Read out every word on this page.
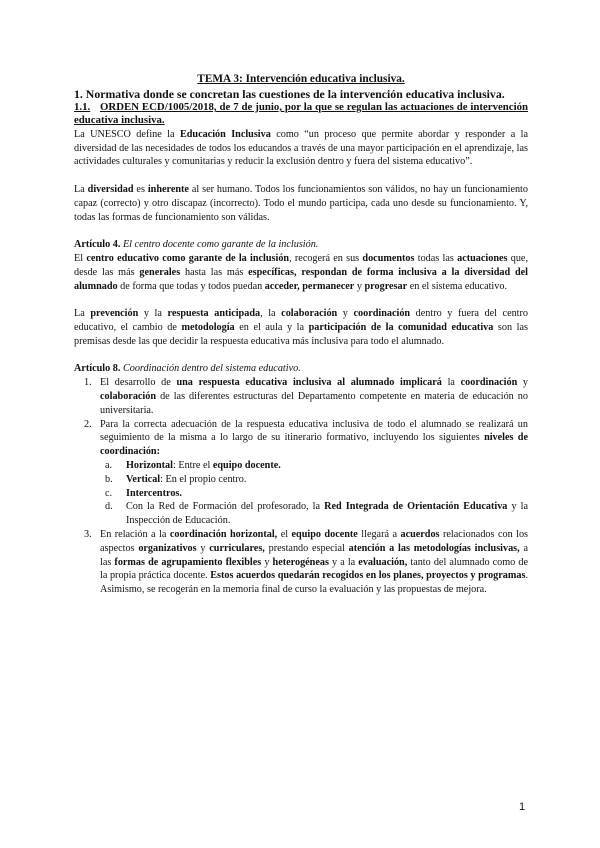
TEMA 3: Intervención educativa inclusiva.

1. Normativa donde se concretan las cuestiones de la intervención educativa inclusiva.

1.1. ORDEN ECD/1005/2018, de 7 de junio, por la que se regulan las actuaciones de intervención educativa inclusiva.

La UNESCO define la Educación Inclusiva como “un proceso que permite abordar y responder a la diversidad de las necesidades de todos los educandos a través de una mayor participación en el aprendizaje, las actividades culturales y comunitarias y reducir la exclusión dentro y fuera del sistema educativo”.

La diversidad es inherente al ser humano. Todos los funcionamientos son válidos, no hay un funcionamiento capaz (correcto) y otro discapaz (incorrecto). Todo el mundo participa, cada uno desde su funcionamiento. Y, todas las formas de funcionamiento son válidas.

Artículo 4. El centro docente como garante de la inclusión.

El centro educativo como garante de la inclusión, recogerá en sus documentos todas las actuaciones que, desde las más generales hasta las más específicas, respondan de forma inclusiva a la diversidad del alumnado de forma que todas y todos puedan acceder, permanecer y progresar en el sistema educativo.

La prevención y la respuesta anticipada, la colaboración y coordinación dentro y fuera del centro educativo, el cambio de metodología en el aula y la participación de la comunidad educativa son las premisas desde las que decidir la respuesta educativa más inclusiva para todo el alumnado.

Artículo 8. Coordinación dentro del sistema educativo.

1. El desarrollo de una respuesta educativa inclusiva al alumnado implicará la coordinación y colaboración de las diferentes estructuras del Departamento competente en materia de educación no universitaria.

2. Para la correcta adecuación de la respuesta educativa inclusiva de todo el alumnado se realizará un seguimiento de la misma a lo largo de su itinerario formativo, incluyendo los siguientes niveles de coordinación:

a. Horizontal: Entre el equipo docente.

b. Vertical: En el propio centro.

c. Intercentros.

d. Con la Red de Formación del profesorado, la Red Integrada de Orientación Educativa y la Inspección de Educación.

3. En relación a la coordinación horizontal, el equipo docente llegará a acuerdos relacionados con los aspectos organizativos y curriculares, prestando especial atención a las metodologías inclusivas, a las formas de agrupamiento flexibles y heterogéneas y a la evaluación, tanto del alumnado como de la propia práctica docente. Estos acuerdos quedarán recogidos en los planes, proyectos y programas. Asimismo, se recogerán en la memoria final de curso la evaluación y las propuestas de mejora.

1
